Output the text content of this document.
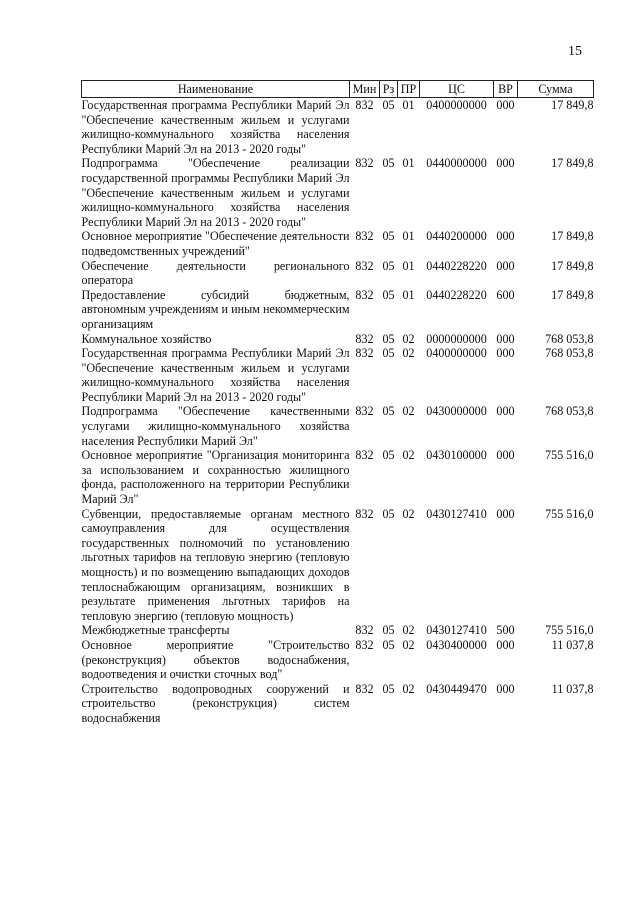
15
Наименование	Мин	Рз	ПР	ЦС	ВР	Сумма
Государственная программа Республики Марий Эл "Обеспечение качественным жильем и услугами жилищно-коммунального хозяйства населения Республики Марий Эл на 2013 - 2020 годы"	832	05	01	0400000000	000	17 849,8
Подпрограмма "Обеспечение реализации государственной программы Республики Марий Эл "Обеспечение качественным жильем и услугами жилищно-коммунального хозяйства населения Республики Марий Эл на 2013 - 2020 годы"	832	05	01	0440000000	000	17 849,8
Основное мероприятие "Обеспечение деятельности подведомственных учреждений"	832	05	01	0440200000	000	17 849,8
Обеспечение деятельности регионального оператора	832	05	01	0440228220	000	17 849,8
Предоставление субсидий бюджетным, автономным учреждениям и иным некоммерческим организациям	832	05	01	0440228220	600	17 849,8
Коммунальное хозяйство	832	05	02	0000000000	000	768 053,8
Государственная программа Республики Марий Эл "Обеспечение качественным жильем и услугами жилищно-коммунального хозяйства населения Республики Марий Эл на 2013 - 2020 годы"	832	05	02	0400000000	000	768 053,8
Подпрограмма "Обеспечение качественными услугами жилищно-коммунального хозяйства населения Республики Марий Эл"	832	05	02	0430000000	000	768 053,8
Основное мероприятие "Организация мониторинга за использованием и сохранностью жилищного фонда, расположенного на территории Республики Марий Эл"	832	05	02	0430100000	000	755 516,0
Субвенции, предоставляемые органам местного самоуправления для осуществления государственных полномочий по установлению льготных тарифов на тепловую энергию (тепловую мощность) и по возмещению выпадающих доходов теплоснабжающим организациям, возникших в результате применения льготных тарифов на тепловую энергию (тепловую мощность)	832	05	02	0430127410	000	755 516,0
Межбюджетные трансферты	832	05	02	0430127410	500	755 516,0
Основное мероприятие "Строительство (реконструкция) объектов водоснабжения, водоотведения и очистки сточных вод"	832	05	02	0430400000	000	11 037,8
Строительство водопроводных сооружений и строительство (реконструкция) систем водоснабжения	832	05	02	0430449470	000	11 037,8
